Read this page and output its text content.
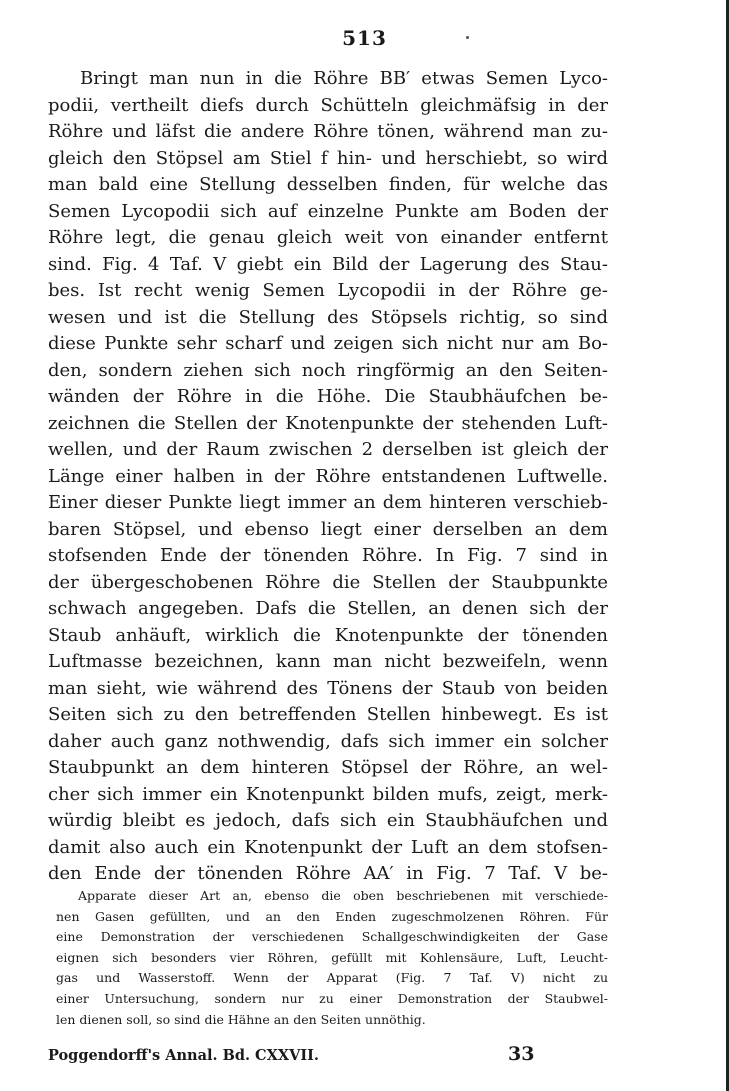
513
Bringt man nun in die Röhre BB′ etwas Semen Lyco-
podii, vertheilt diefs durch Schütteln gleichmäfsig in der
Röhre und läfst die andere Röhre tönen, während man zu-
gleich den Stöpsel am Stiel f hin- und herschiebt, so wird
man bald eine Stellung desselben finden, für welche das
Semen Lycopodii sich auf einzelne Punkte am Boden der
Röhre legt, die genau gleich weit von einander entfernt
sind. Fig. 4 Taf. V giebt ein Bild der Lagerung des Stau-
bes. Ist recht wenig Semen Lycopodii in der Röhre ge-
wesen und ist die Stellung des Stöpsels richtig, so sind
diese Punkte sehr scharf und zeigen sich nicht nur am Bo-
den, sondern ziehen sich noch ringförmig an den Seiten-
wänden der Röhre in die Höhe. Die Staubhäufchen be-
zeichnen die Stellen der Knotenpunkte der stehenden Luft-
wellen, und der Raum zwischen 2 derselben ist gleich der
Länge einer halben in der Röhre entstandenen Luftwelle.
Einer dieser Punkte liegt immer an dem hinteren verschieb-
baren Stöpsel, und ebenso liegt einer derselben an dem
stofsenden Ende der tönenden Röhre. In Fig. 7 sind in
der übergeschobenen Röhre die Stellen der Staubpunkte
schwach angegeben. Dafs die Stellen, an denen sich der
Staub anhäuft, wirklich die Knotenpunkte der tönenden
Luftmasse bezeichnen, kann man nicht bezweifeln, wenn
man sieht, wie während des Tönens der Staub von beiden
Seiten sich zu den betreffenden Stellen hinbewegt. Es ist
daher auch ganz nothwendig, dafs sich immer ein solcher
Staubpunkt an dem hinteren Stöpsel der Röhre, an wel-
cher sich immer ein Knotenpunkt bilden mufs, zeigt, merk-
würdig bleibt es jedoch, dafs sich ein Staubhäufchen und
damit also auch ein Knotenpunkt der Luft an dem stofsen-
den Ende der tönenden Röhre AA′ in Fig. 7 Taf. V be-
Apparate dieser Art an, ebenso die oben beschriebenen mit verschiede-
nen Gasen gefüllten, und an den Enden zugeschmolzenen Röhren. Für
eine Demonstration der verschiedenen Schallgeschwindigkeiten der Gase
eignen sich besonders vier Röhren, gefüllt mit Kohlensäure, Luft, Leucht-
gas und Wasserstoff. Wenn der Apparat (Fig. 7 Taf. V) nicht zu
einer Untersuchung, sondern nur zu einer Demonstration der Staubwel-
len dienen soll, so sind die Hähne an den Seiten unnöthig.
Poggendorff's Annal. Bd. CXXVII.	33
